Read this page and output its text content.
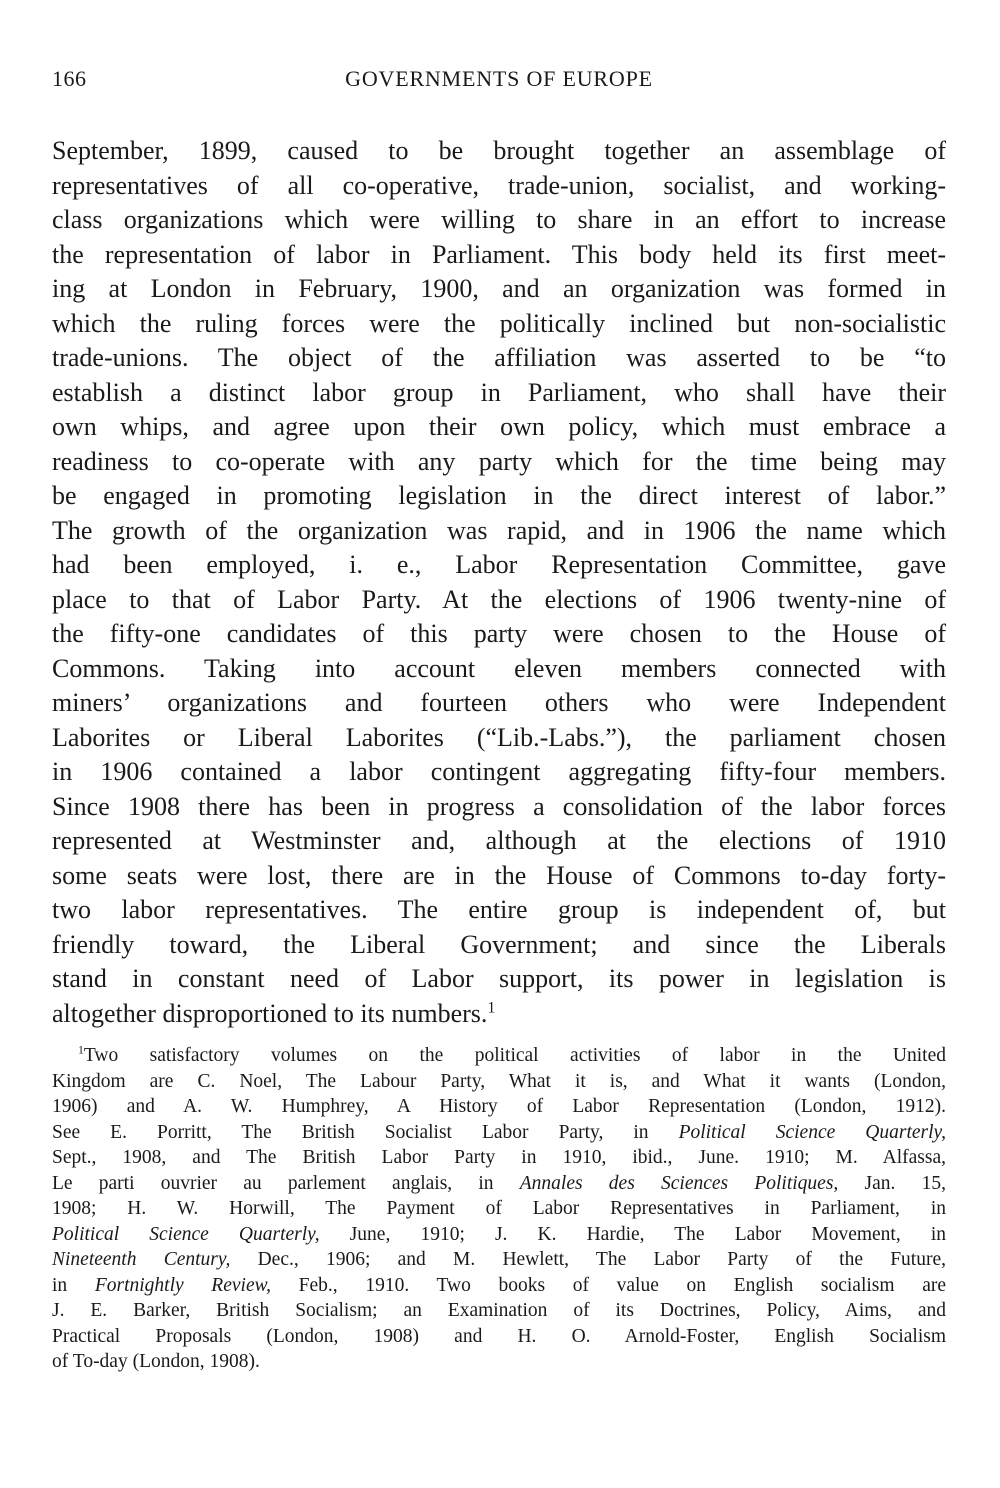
166	GOVERNMENTS OF EUROPE
September, 1899, caused to be brought together an assemblage of
representatives of all co-operative, trade-union, socialist, and working-
class organizations which were willing to share in an effort to increase
the representation of labor in Parliament. This body held its first meet-
ing at London in February, 1900, and an organization was formed in
which the ruling forces were the politically inclined but non-socialistic
trade-unions. The object of the affiliation was asserted to be “to
establish a distinct labor group in Parliament, who shall have their
own whips, and agree upon their own policy, which must embrace a
readiness to co-operate with any party which for the time being may
be engaged in promoting legislation in the direct interest of labor.”
The growth of the organization was rapid, and in 1906 the name which
had been employed, i. e., Labor Representation Committee, gave
place to that of Labor Party. At the elections of 1906 twenty-nine of
the fifty-one candidates of this party were chosen to the House of
Commons. Taking into account eleven members connected with
miners’ organizations and fourteen others who were Independent
Laborites or Liberal Laborites (“Lib.-Labs.”), the parliament chosen
in 1906 contained a labor contingent aggregating fifty-four members.
Since 1908 there has been in progress a consolidation of the labor forces
represented at Westminster and, although at the elections of 1910
some seats were lost, there are in the House of Commons to-day forty-
two labor representatives. The entire group is independent of, but
friendly toward, the Liberal Government; and since the Liberals
stand in constant need of Labor support, its power in legislation is
altogether disproportioned to its numbers.$^1$
$^1$Two satisfactory volumes on the political activities of labor in the United
Kingdom are C. Noel, The Labour Party, What it is, and What it wants (London,
1906) and A. W. Humphrey, A History of Labor Representation (London, 1912).
See E. Porritt, The British Socialist Labor Party, in Political Science Quarterly,
Sept., 1908, and The British Labor Party in 1910, ibid., June. 1910; M. Alfassa,
Le parti ouvrier au parlement anglais, in Annales des Sciences Politiques, Jan. 15,
1908; H. W. Horwill, The Payment of Labor Representatives in Parliament, in
Political Science Quarterly, June, 1910; J. K. Hardie, The Labor Movement, in
Nineteenth Century, Dec., 1906; and M. Hewlett, The Labor Party of the Future,
in Fortnightly Review, Feb., 1910. Two books of value on English socialism are
J. E. Barker, British Socialism; an Examination of its Doctrines, Policy, Aims, and
Practical Proposals (London, 1908) and H. O. Arnold-Foster, English Socialism
of To-day (London, 1908).
